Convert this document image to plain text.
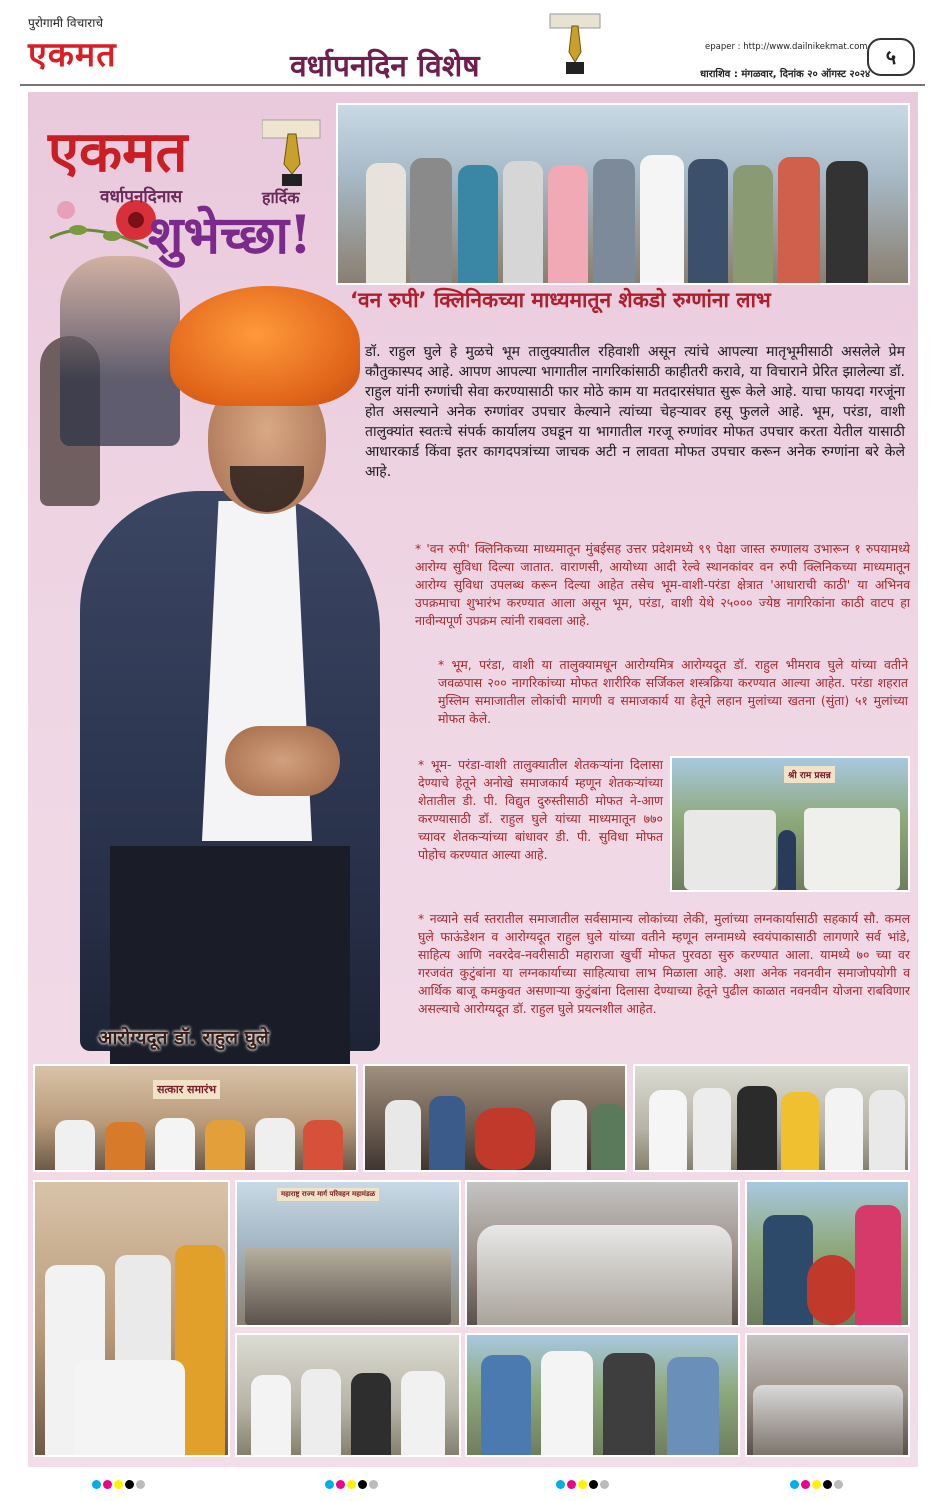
पुरोगामी विचाराचे
एकमत	वर्धापनदिन विशेष
epaper : http://www.dailnikekmat.com
धाराशिव : मंगळवार, दिनांक २० ऑगस्ट २०२४
५
एकमत
वर्धापनदिनास	हार्दिक
शुभेच्छा!
‘वन रुपी’ क्लिनिकच्या माध्यमातून शेकडो रुग्णांना लाभ
आरोग्यदूत डॉ. राहुल घुले
डॉ. राहुल घुले हे मुळचे भूम तालुक्यातील रहिवाशी असून त्यांचे आपल्या मातृभूमीसाठी असलेले प्रेम कौतुकास्पद आहे. आपण आपल्या भागातील नागरिकांसाठी काहीतरी करावे, या विचाराने प्रेरित झालेल्या डॉ. राहुल यांनी रुग्णांची सेवा करण्यासाठी फार मोठे काम या मतदारसंघात सुरू केले आहे. याचा फायदा गरजूंना होत असल्याने अनेक रुग्णांवर उपचार केल्याने त्यांच्या चेहऱ्यावर हसू फुलले आहे. भूम, परंडा, वाशी तालुक्यांत स्वतःचे संपर्क कार्यालय उघडून या भागातील गरजू रुग्णांवर मोफत उपचार करता येतील यासाठी आधारकार्ड किंवा इतर कागदपत्रांच्या जाचक अटी न लावता मोफत उपचार करून अनेक रुग्णांना बरे केले आहे.
* 'वन रुपी' क्लिनिकच्या माध्यमातून मुंबईसह उत्तर प्रदेशमध्ये ९९ पेक्षा जास्त रुग्णालय उभारून १ रुपयामध्ये आरोग्य सुविधा दिल्या जातात. वाराणसी, आयोध्या आदी रेल्वे स्थानकांवर वन रुपी क्लिनिकच्या माध्यमातून आरोग्य सुविधा उपलब्ध करून दिल्या आहेत तसेच भूम-वाशी-परंडा क्षेत्रात 'आधाराची काठी' या अभिनव उपक्रमाचा शुभारंभ करण्यात आला असून भूम, परंडा, वाशी येथे २५००० ज्येष्ठ नागरिकांना काठी वाटप हा नावीन्यपूर्ण उपक्रम त्यांनी राबवला आहे.
* भूम, परंडा, वाशी या तालुक्यामधून आरोग्यमित्र आरोग्यदूत डॉ. राहुल भीमराव घुले यांच्या वतीने जवळपास २०० नागरिकांच्या मोफत शारीरिक सर्जिकल शस्त्रक्रिया करण्यात आल्या आहेत. परंडा शहरात मुस्लिम समाजातील लोकांची मागणी व समाजकार्य या हेतूने लहान मुलांच्या खतना (सुंता) ५१ मुलांच्या मोफत केले.
* भूम- परंडा-वाशी तालुक्यातील शेतकऱ्यांना दिलासा देण्याचे हेतूने अनोखे समाजकार्य म्हणून शेतकऱ्यांच्या शेतातील डी. पी. विद्युत दुरुस्तीसाठी मोफत ने-आण करण्यासाठी डॉ. राहुल घुले यांच्या माध्यमातून ७७० च्यावर शेतकऱ्यांच्या बांधावर डी. पी. सुविधा मोफत पोहोच करण्यात आल्या आहे.
श्री राम प्रसन्न
* नव्याने सर्व स्तरातील समाजातील सर्वसामान्य लोकांच्या लेकी, मुलांच्या लग्नकार्यासाठी सहकार्य सौ. कमल घुले फाऊंडेशन व आरोग्यदूत राहुल घुले यांच्या वतीने म्हणून लग्नामध्ये स्वयंपाकासाठी लागणारे सर्व भांडे, साहित्य आणि नवरदेव-नवरीसाठी महाराजा खुर्ची मोफत पुरवठा सुरु करण्यात आला. यामध्ये ७० च्या वर गरजवंत कुटुंबांना या लग्नकार्याच्या साहित्याचा लाभ मिळाला आहे. अशा अनेक नवनवीन समाजोपयोगी व आर्थिक बाजू कमकुवत असणाऱ्या कुटुंबांना दिलासा देण्याच्या हेतूने पुढील काळात नवनवीन योजना राबविणार असल्याचे आरोग्यदूत डॉ. राहुल घुले प्रयत्नशील आहेत.
सत्कार समारंभ
महाराष्ट्र राज्य मार्ग परिवहन महामंडळ
